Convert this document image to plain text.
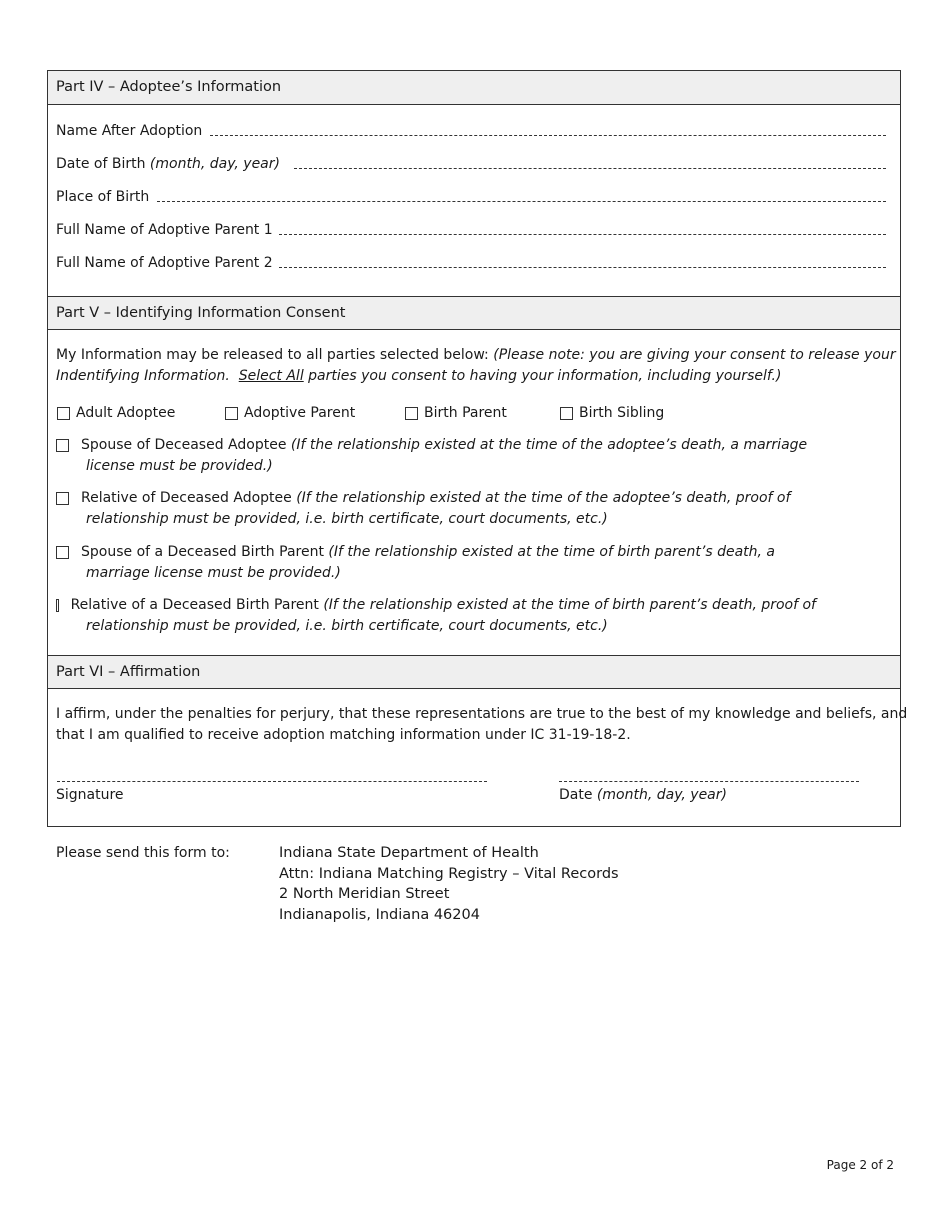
Part IV – Adoptee’s Information
Name After Adoption
Date of Birth (month, day, year)
Place of Birth
Full Name of Adoptive Parent 1
Full Name of Adoptive Parent 2
Part V – Identifying Information Consent
My Information may be released to all parties selected below: (Please note: you are giving your consent to release your
Indentifying Information. Select All parties you consent to having your information, including yourself.)
Adult Adoptee	Adoptive Parent	Birth Parent	Birth Sibling
Spouse of Deceased Adoptee (If the relationship existed at the time of the adoptee’s death, a marriage
license must be provided.)
Relative of Deceased Adoptee (If the relationship existed at the time of the adoptee’s death, proof of
relationship must be provided, i.e. birth certificate, court documents, etc.)
Spouse of a Deceased Birth Parent (If the relationship existed at the time of birth parent’s death, a
marriage license must be provided.)
Relative of a Deceased Birth Parent (If the relationship existed at the time of birth parent’s death, proof of
relationship must be provided, i.e. birth certificate, court documents, etc.)
Part VI – Affirmation
I affirm, under the penalties for perjury, that these representations are true to the best of my knowledge and beliefs, and
that I am qualified to receive adoption matching information under IC 31-19-18-2.
Signature	Date (month, day, year)
Please send this form to:	Indiana State Department of Health
Attn: Indiana Matching Registry – Vital Records
2 North Meridian Street
Indianapolis, Indiana 46204
Page 2 of 2
